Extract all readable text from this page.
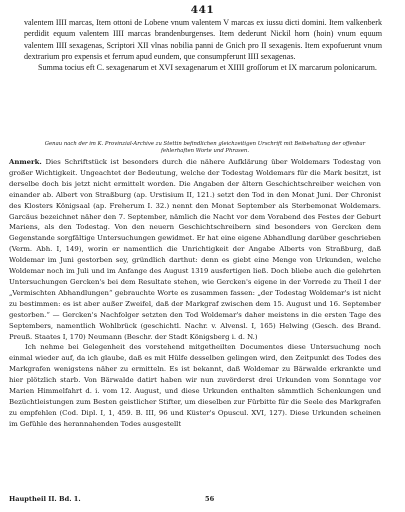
441

valentem IIII marcas, Item ottoni de Lobene vnum valentem V marcas ex iussu dicti domini. Item valkenberk perdidit equum valentem IIII marcas brandenburgenses. Item dederunt Nickil horn (hoin) vnum equum valentem IIII sexagenas, Scriptori XII vlnas nobilia panni de Gnich pro II sexagenis. Item expofuerunt vnum dextrarium pro expensis et ferrum apud eundem, que consumpferunt IIII sexagenas.

Summa tocius eft C. sexagenarum et XVI sexagenarum et XIIII groſſorum et IX marcarum polonicarum.

Genau nach der im K. Provinzial-Archive zu Stettin befindlichen gleichzeitigen Urschrift mit Beibehaltung der offenbar fehlerhaften Worte und Phrasen.

Anmerk. Dies Schriftstück ist besonders durch die nähere Aufklärung über Woldemars Todestag von großer Wichtigkeit. Ungeachtet der Bedeutung, welche der Todestag Woldemars für die Mark besitzt, ist derselbe doch bis jetzt nicht ermittelt worden. Die Angaben der ältern Geschichtschreiber weichen von einander ab. Albert von Straßburg (ap. Urstisium II, 121.) setzt den Tod in den Monat Juni. Der Chronist des Klosters Königsaal (ap. Freherum I. 32.) nennt den Monat September als Sterbemonat Woldemars. Garcäus bezeichnet näher den 7. September, nämlich die Nacht vor dem Vorabend des Festes der Geburt Mariens, als den Todestag. Von den neuern Geschichtschreibern sind besonders von Gercken dem Gegenstande sorgfältige Untersuchungen gewidmet. Er hat eine eigene Abhandlung darüber geschrieben (Verm. Abh. I, 149), worin er namentlich die Unrichtigkeit der Angabe Alberts von Straßburg, daß Woldemar im Juni gestorben sey, gründlich darthut: denn es giebt eine Menge von Urkunden, welche Woldemar noch im Juli und im Anfange des August 1319 ausfertigen ließ. Doch bliebe auch die gelehrten Untersuchungen Gercken's bei dem Resultate stehen, wie Gercken's eigene in der Vorrede zu Theil I der „Vermischten Abhandlungen“ gebrauchte Worte es zusammen fassen: „der Todestag Woldemar's ist nicht zu bestimmen: es ist aber außer Zweifel, daß der Markgraf zwischen dem 15. August und 16. September gestorben.“ — Gercken's Nachfolger setzten den Tod Woldemar's daher meistens in die ersten Tage des Septembers, namentlich Wohlbrück (geschichtl. Nachr. v. Alvensl. I, 165) Helwing (Gesch. des Brand. Preuß. Staates I, 170) Neumann (Beschr. der Stadt Königsberg i. d. N.)

Ich nehme bei Gelegenheit des vorstehend mitgetheilten Documentes diese Untersuchung noch einmal wieder auf, da ich glaube, daß es mit Hülfe desselben gelingen wird, den Zeitpunkt des Todes des Markgrafen wenigstens näher zu ermitteln. Es ist bekannt, daß Woldemar zu Bärwalde erkrankte und hier plötzlich starb. Von Bärwalde datirt haben wir nun zuvörderst drei Urkunden vom Sonntage vor Marien Himmelfahrt d. i. vom 12. August, und diese Urkunden enthalten sämmtlich Schenkungen und Bezüchtleistungen zum Besten geistlicher Stifter, um dieselben zur Fürbitte für die Seele des Markgrafen zu empfehlen (Cod. Dipl. I, 1, 459. B. III, 96 und Küster's Opuscul. XVI, 127). Diese Urkunden scheinen im Gefühle des herannahenden Todes ausgestellt

Hauptheil II. Bd. 1.	56
